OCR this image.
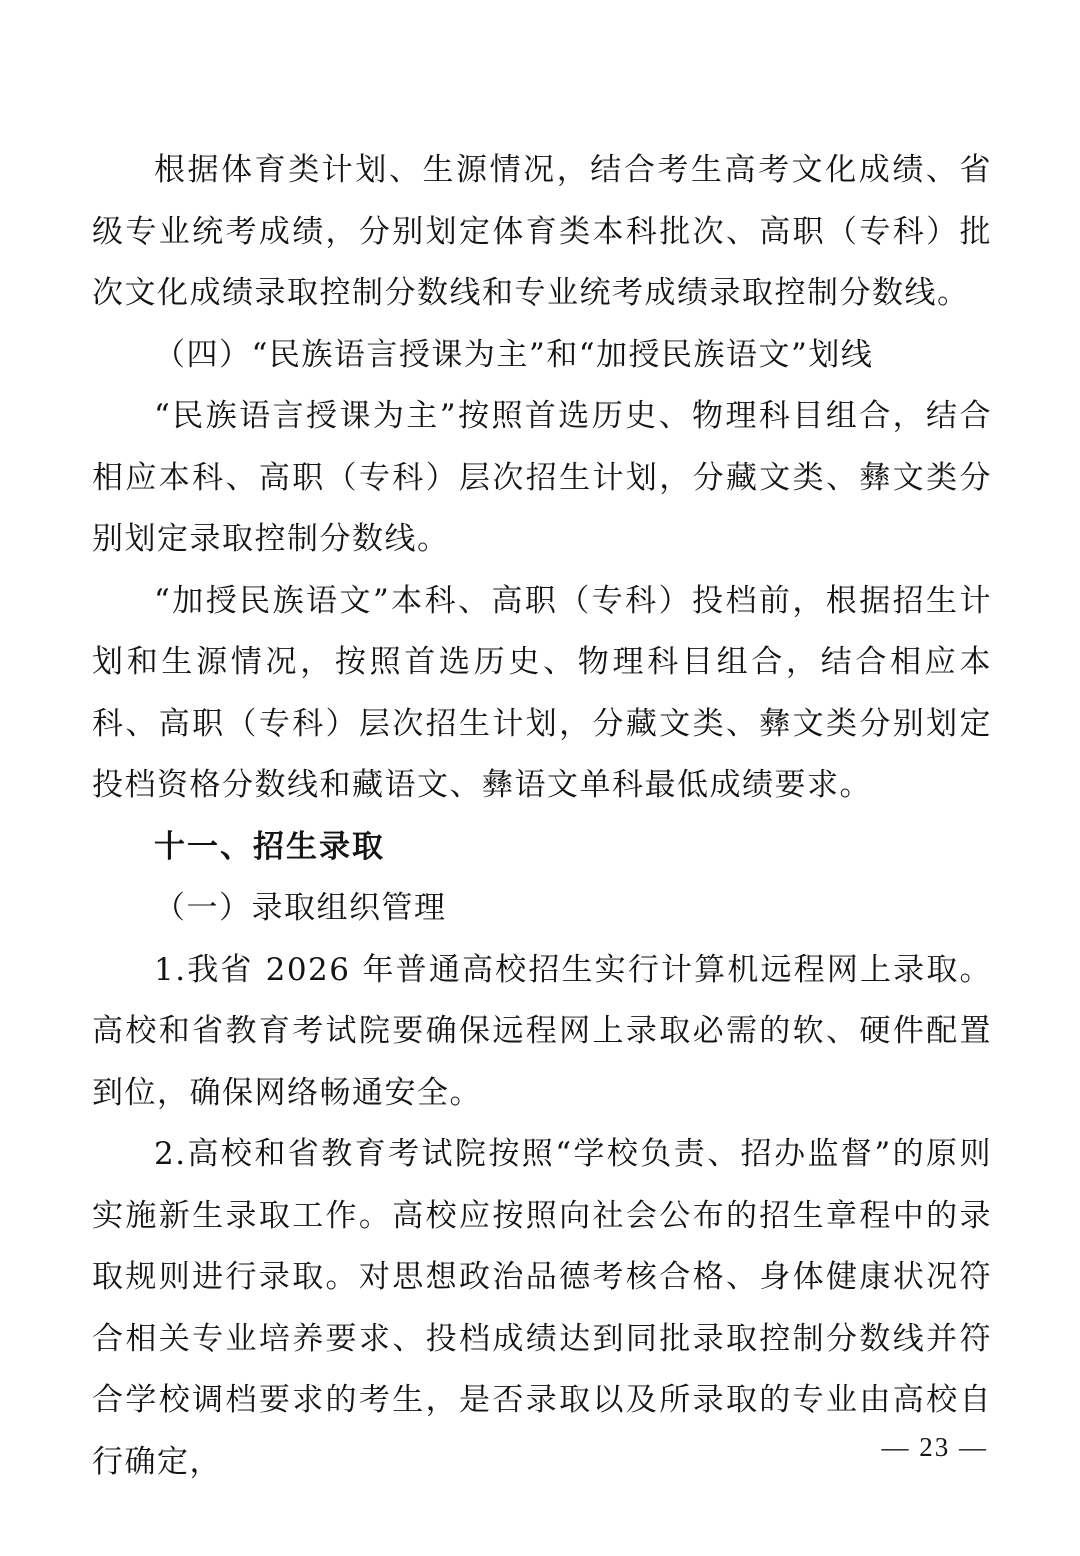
根据体育类计划、生源情况，结合考生高考文化成绩、省级专业统考成绩，分别划定体育类本科批次、高职（专科）批次文化成绩录取控制分数线和专业统考成绩录取控制分数线。

（四）“民族语言授课为主”和“加授民族语文”划线

“民族语言授课为主”按照首选历史、物理科目组合，结合相应本科、高职（专科）层次招生计划，分藏文类、彝文类分别划定录取控制分数线。

“加授民族语文”本科、高职（专科）投档前，根据招生计划和生源情况，按照首选历史、物理科目组合，结合相应本科、高职（专科）层次招生计划，分藏文类、彝文类分别划定投档资格分数线和藏语文、彝语文单科最低成绩要求。

十一、招生录取

（一）录取组织管理

1.我省 2026 年普通高校招生实行计算机远程网上录取。高校和省教育考试院要确保远程网上录取必需的软、硬件配置到位，确保网络畅通安全。

2.高校和省教育考试院按照“学校负责、招办监督”的原则实施新生录取工作。高校应按照向社会公布的招生章程中的录取规则进行录取。对思想政治品德考核合格、身体健康状况符合相关专业培养要求、投档成绩达到同批录取控制分数线并符合学校调档要求的考生，是否录取以及所录取的专业由高校自行确定，	— 23 —
